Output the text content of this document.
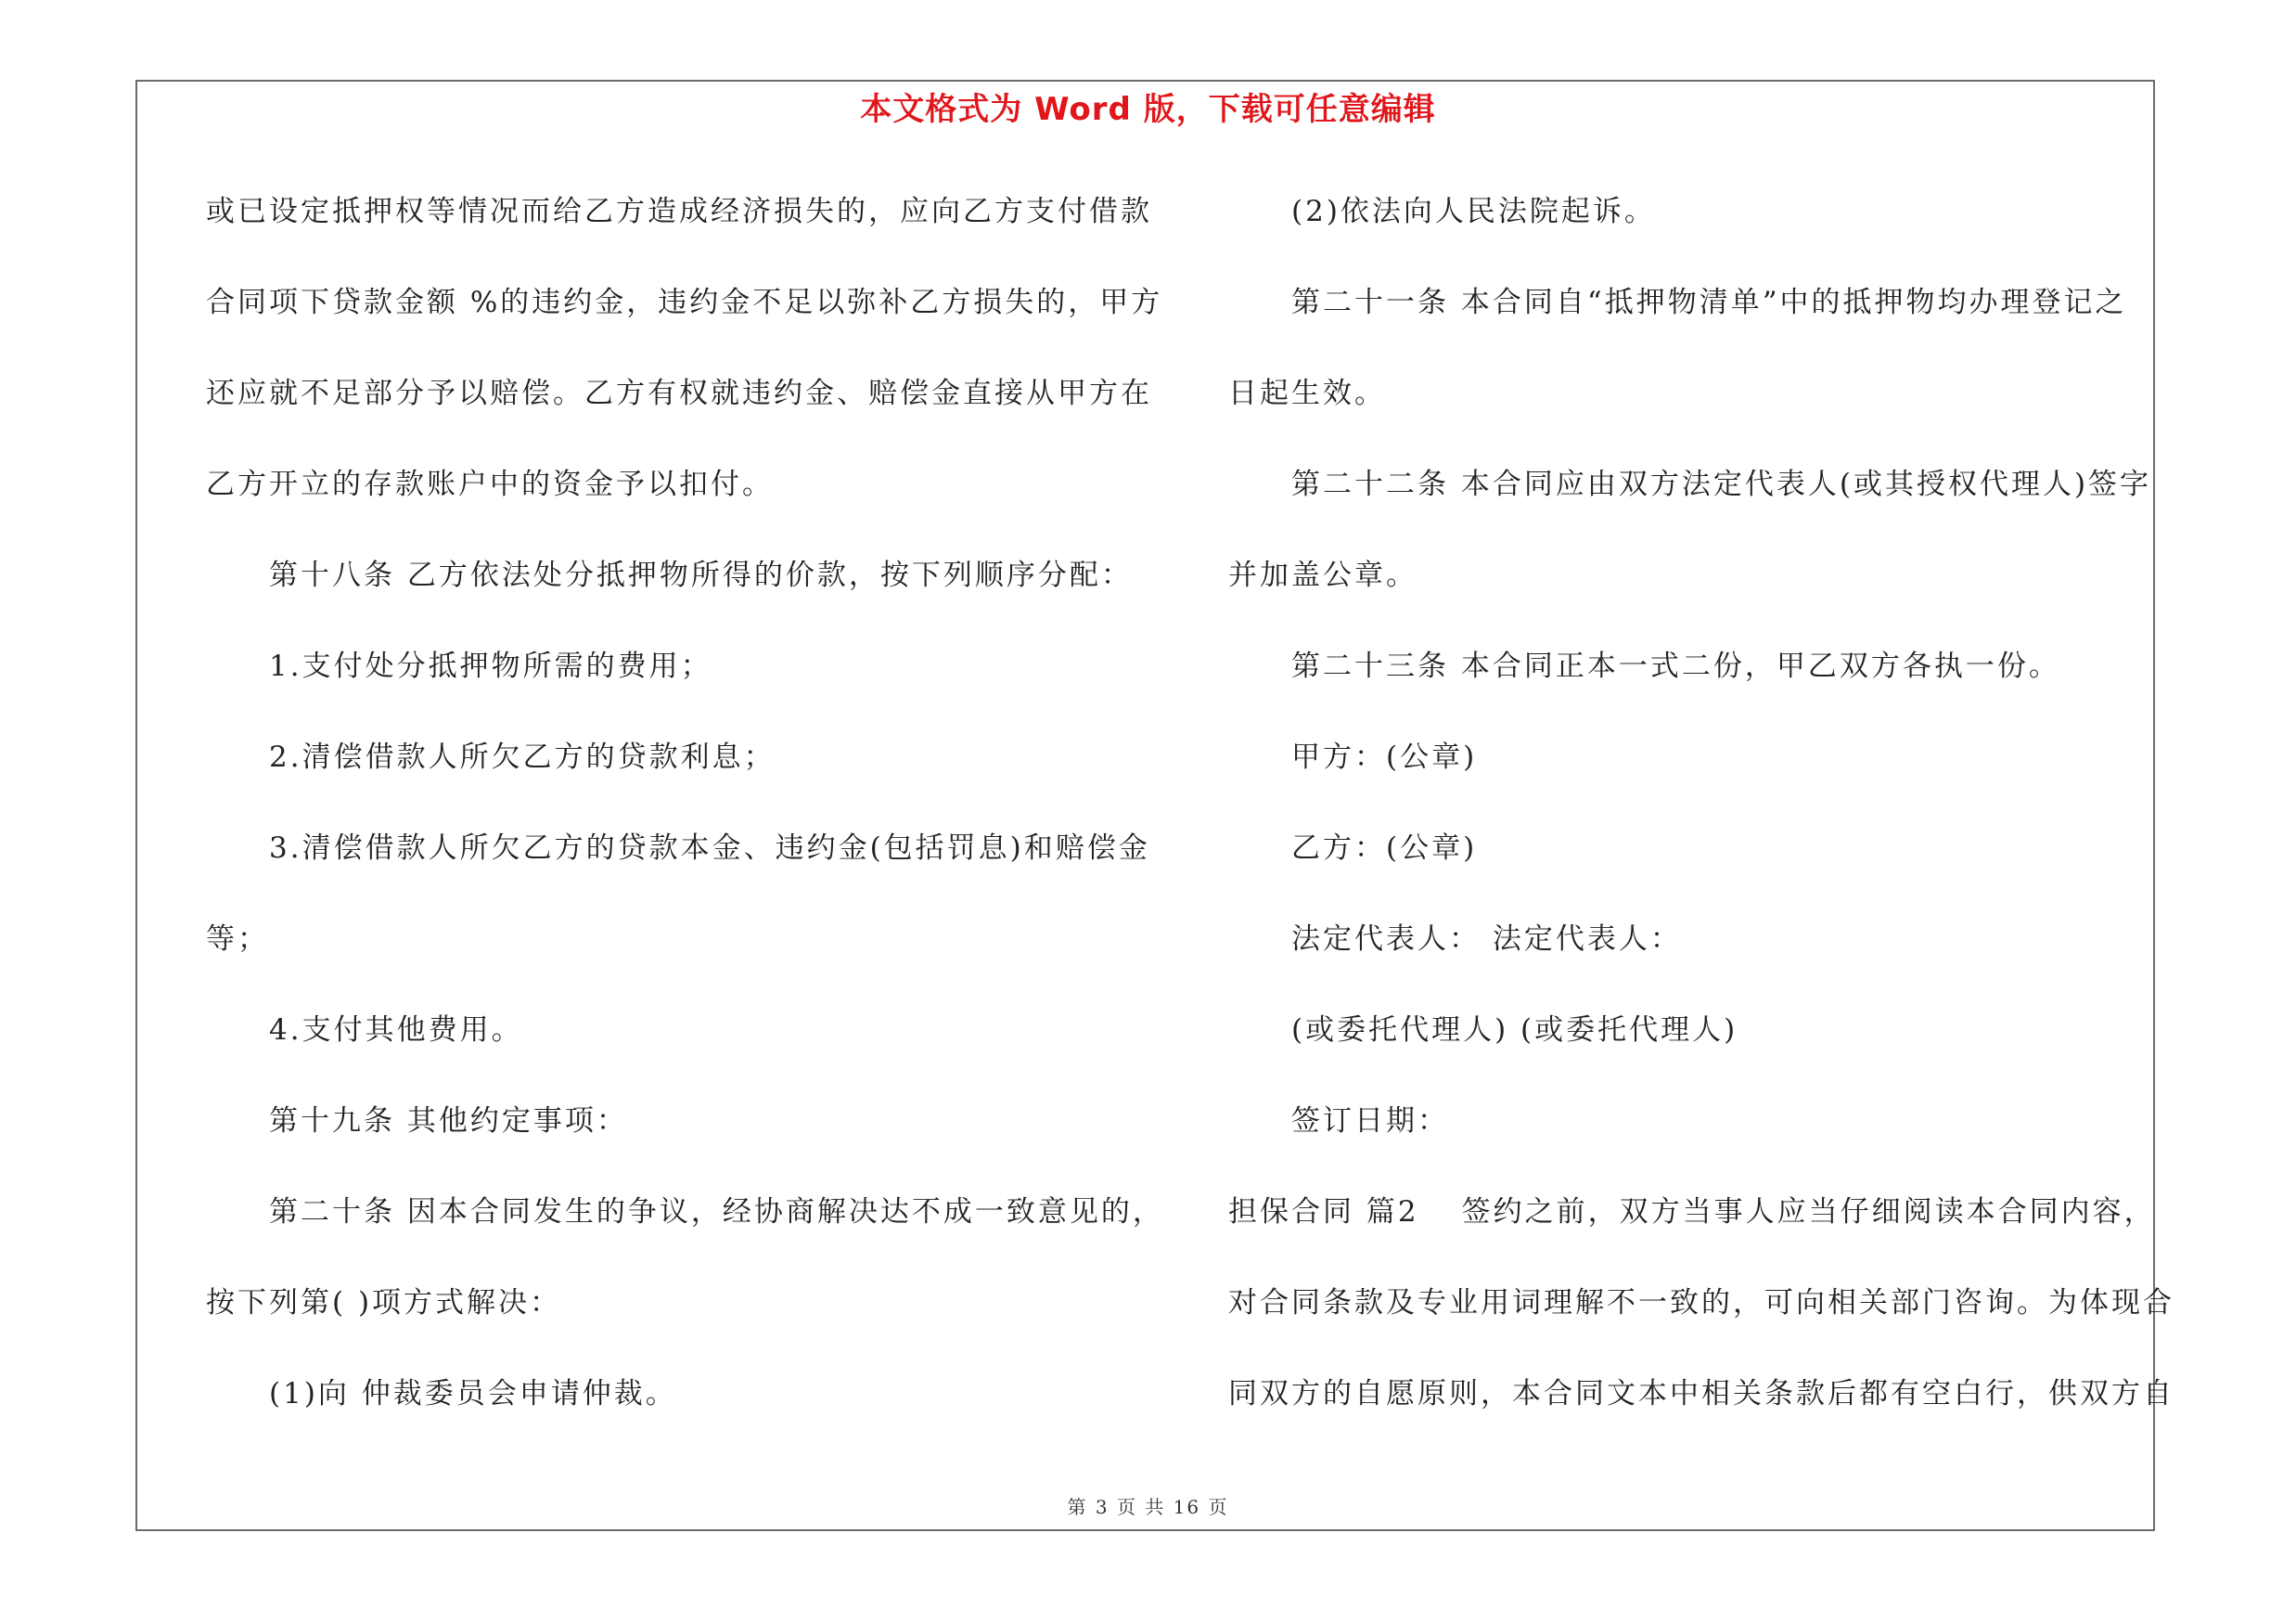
本文格式为 Word 版，下载可任意编辑
或已设定抵押权等情况而给乙方造成经济损失的，应向乙方支付借款
合同项下贷款金额 %的违约金，违约金不足以弥补乙方损失的，甲方
还应就不足部分予以赔偿。乙方有权就违约金、赔偿金直接从甲方在
乙方开立的存款账户中的资金予以扣付。
第十八条 乙方依法处分抵押物所得的价款，按下列顺序分配：
1.支付处分抵押物所需的费用；
2.清偿借款人所欠乙方的贷款利息；
3.清偿借款人所欠乙方的贷款本金、违约金(包括罚息)和赔偿金
等；
4.支付其他费用。
第十九条 其他约定事项：
第二十条 因本合同发生的争议，经协商解决达不成一致意见的，
按下列第( )项方式解决：
(1)向 仲裁委员会申请仲裁。
(2)依法向人民法院起诉。
第二十一条 本合同自“抵押物清单”中的抵押物均办理登记之
日起生效。
第二十二条 本合同应由双方法定代表人(或其授权代理人)签字
并加盖公章。
第二十三条 本合同正本一式二份，甲乙双方各执一份。
甲方：(公章)
乙方：(公章)
法定代表人： 法定代表人：
(或委托代理人) (或委托代理人)
签订日期：
担保合同 篇2 签约之前，双方当事人应当仔细阅读本合同内容，
对合同条款及专业用词理解不一致的，可向相关部门咨询。为体现合
同双方的自愿原则，本合同文本中相关条款后都有空白行，供双方自
第 3 页 共 16 页
